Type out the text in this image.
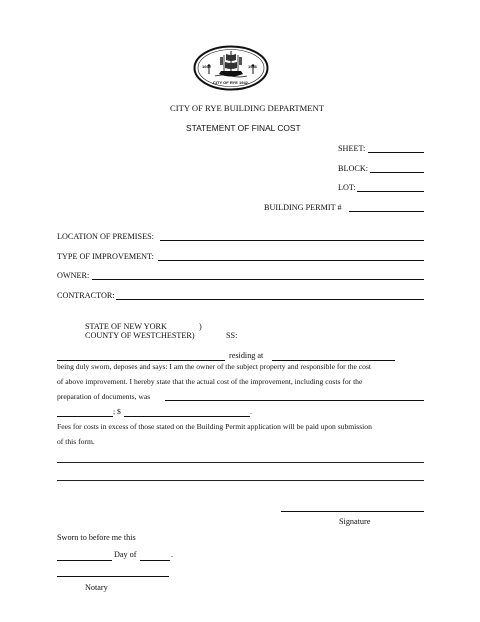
1660	1936
CITY OF RYE 1942
CITY OF RYE BUILDING DEPARTMENT
STATEMENT OF FINAL COST
SHEET:
BLOCK:
LOT:
BUILDING PERMIT #
LOCATION OF PREMISES:
TYPE OF IMPROVEMENT:
OWNER:
CONTRACTOR:
STATE OF NEW YORK	)
COUNTY OF WESTCHESTER)	SS:
residing at
being duly sworn, deposes and says: I am the owner of the subject property and responsible for the cost
of above improvement. I hereby state that the actual cost of the improvement, including costs for the
preparation of documents, was
; $	.
Fees for costs in excess of those stated on the Building Permit application will be paid upon submission
of this form.
Signature
Sworn to before me this
Day of	.
Notary
